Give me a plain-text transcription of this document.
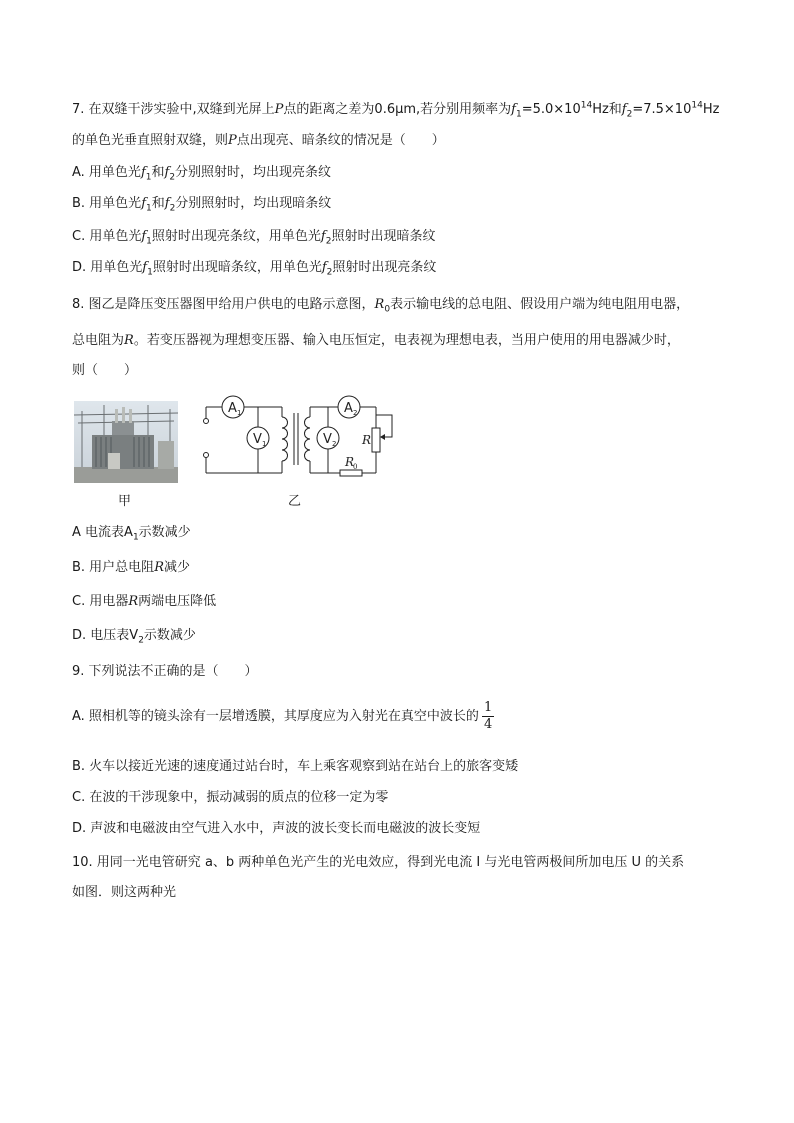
7. 在双缝干涉实验中,双缝到光屏上P点的距离之差为0.6μm,若分别用频率为$f_1=5.0\times 10^{14}Hz$和$f_2=7.5\times 10^{14}Hz$
的单色光垂直照射双缝，则P点出现亮、暗条纹的情况是（　　）
A. 用单色光$f_1$和$f_2$分别照射时，均出现亮条纹
B. 用单色光$f_1$和$f_2$分别照射时，均出现暗条纹
C. 用单色光$f_1$照射时出现亮条纹，用单色光$f_2$照射时出现暗条纹
D. 用单色光$f_1$照射时出现暗条纹，用单色光$f_2$照射时出现亮条纹
8. 图乙是降压变压器图甲给用户供电的电路示意图，$R_0$表示输电线的总电阻、假设用户端为纯电阻用电器，
总电阻为R。若变压器视为理想变压器、输入电压恒定，电表视为理想电表，当用户使用的用电器减少时，
则（　　）
A 1
V 1
A 2
V 2 R
R
0
甲	乙
A 电流表$A_1$示数减少
B. 用户总电阻R减少
C. 用电器R两端电压降低
D. 电压表$V_2$示数减少
9. 下列说法不正确的是（　　）
A. 照相机等的镜头涂有一层增透膜，其厚度应为入射光在真空中波长的 $\frac{1}{4}$
B. 火车以接近光速的速度通过站台时，车上乘客观察到站在站台上的旅客变矮
C. 在波的干涉现象中，振动减弱的质点的位移一定为零
D. 声波和电磁波由空气进入水中，声波的波长变长而电磁波的波长变短
10. 用同一光电管研究 a、b 两种单色光产生的光电效应，得到光电流 I 与光电管两极间所加电压 U 的关系
如图．则这两种光
